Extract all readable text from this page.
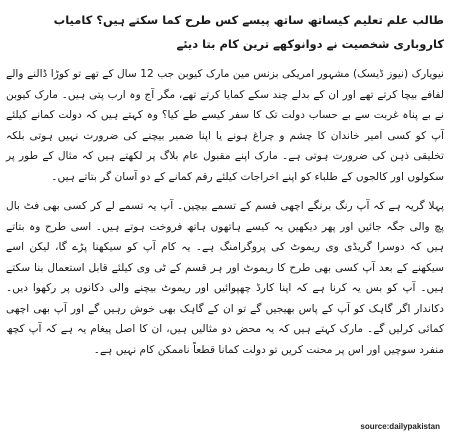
طالب علم تعلیم کیساتھ ساتھ پیسے کس طرح کما سکتے ہیں؟ کامیاب کاروباری شخصیت نے دوانوکھے ترین کام بتا دیئے
نیویارک (نیوز ڈیسک) مشہور امریکی بزنس مین مارک کیوبن جب 12 سال کے تھے تو کوڑا ڈالنے والے لفافے بیچا کرتے تھے اور ان کے بدلے چند سکے کمایا کرتے تھے، مگر آج وہ ارب پتی ہیں۔ مارک کیوبن نے بے پناہ غربت سے بے حساب دولت تک کا سفر کیسے طے کیا؟ وہ کہتے ہیں کہ دولت کمانے کیلئے آپ کو کسی امیر خاندان کا چشم و چراغ ہونے یا اپنا ضمیر بیچنے کی ضرورت نہیں ہوتی بلکہ تخلیقی ذہن کی ضرورت ہوتی ہے۔ مارک اپنے مقبول عام بلاگ پر لکھتے ہیں کہ مثال کے طور پر سکولوں اور کالجوں کے طلباء کو اپنے اخراجات کیلئے رقم کمانے کے دو آسان گر بتاتے ہیں۔
پہلا گریہ ہے کہ آپ رنگ برنگے اچھی قسم کے تسمے بیچیں۔ آپ یہ تسمے لے کر کسی بھی فٹ بال پچ والی جگہ جائیں اور پھر دیکھیں یہ کیسے ہاتھوں ہاتھ فروخت ہوتے ہیں۔ اسی طرح وہ بتاتے ہیں کہ دوسرا گریڈی وی ریموٹ کی پروگرامنگ ہے۔ یہ کام آپ کو سیکھنا پڑے گا، لیکن اسے سیکھنے کے بعد آپ کسی بھی طرح کا ریموٹ اور ہر قسم کے ٹی وی کیلئے قابل استعمال بنا سکتے ہیں۔ آپ کو بس یہ کرنا ہے کہ اپنا کارڈ چھپوائیں اور ریموٹ بیچنے والی دکانوں پر رکھوا دیں۔ دکاندار اگر گاہک کو آپ کے پاس بھیجیں گے تو ان کے گاہک بھی خوش رہیں گے اور آپ بھی اچھی کمائی کرلیں گے۔ مارک کہتے ہیں کہ یہ محض دو مثالیں ہیں، ان کا اصل پیغام یہ ہے کہ آپ کچھ منفرد سوچیں اور اس پر محنت کریں تو دولت کمانا قطعاً ناممکن کام نہیں ہے۔
source:dailypakistan
